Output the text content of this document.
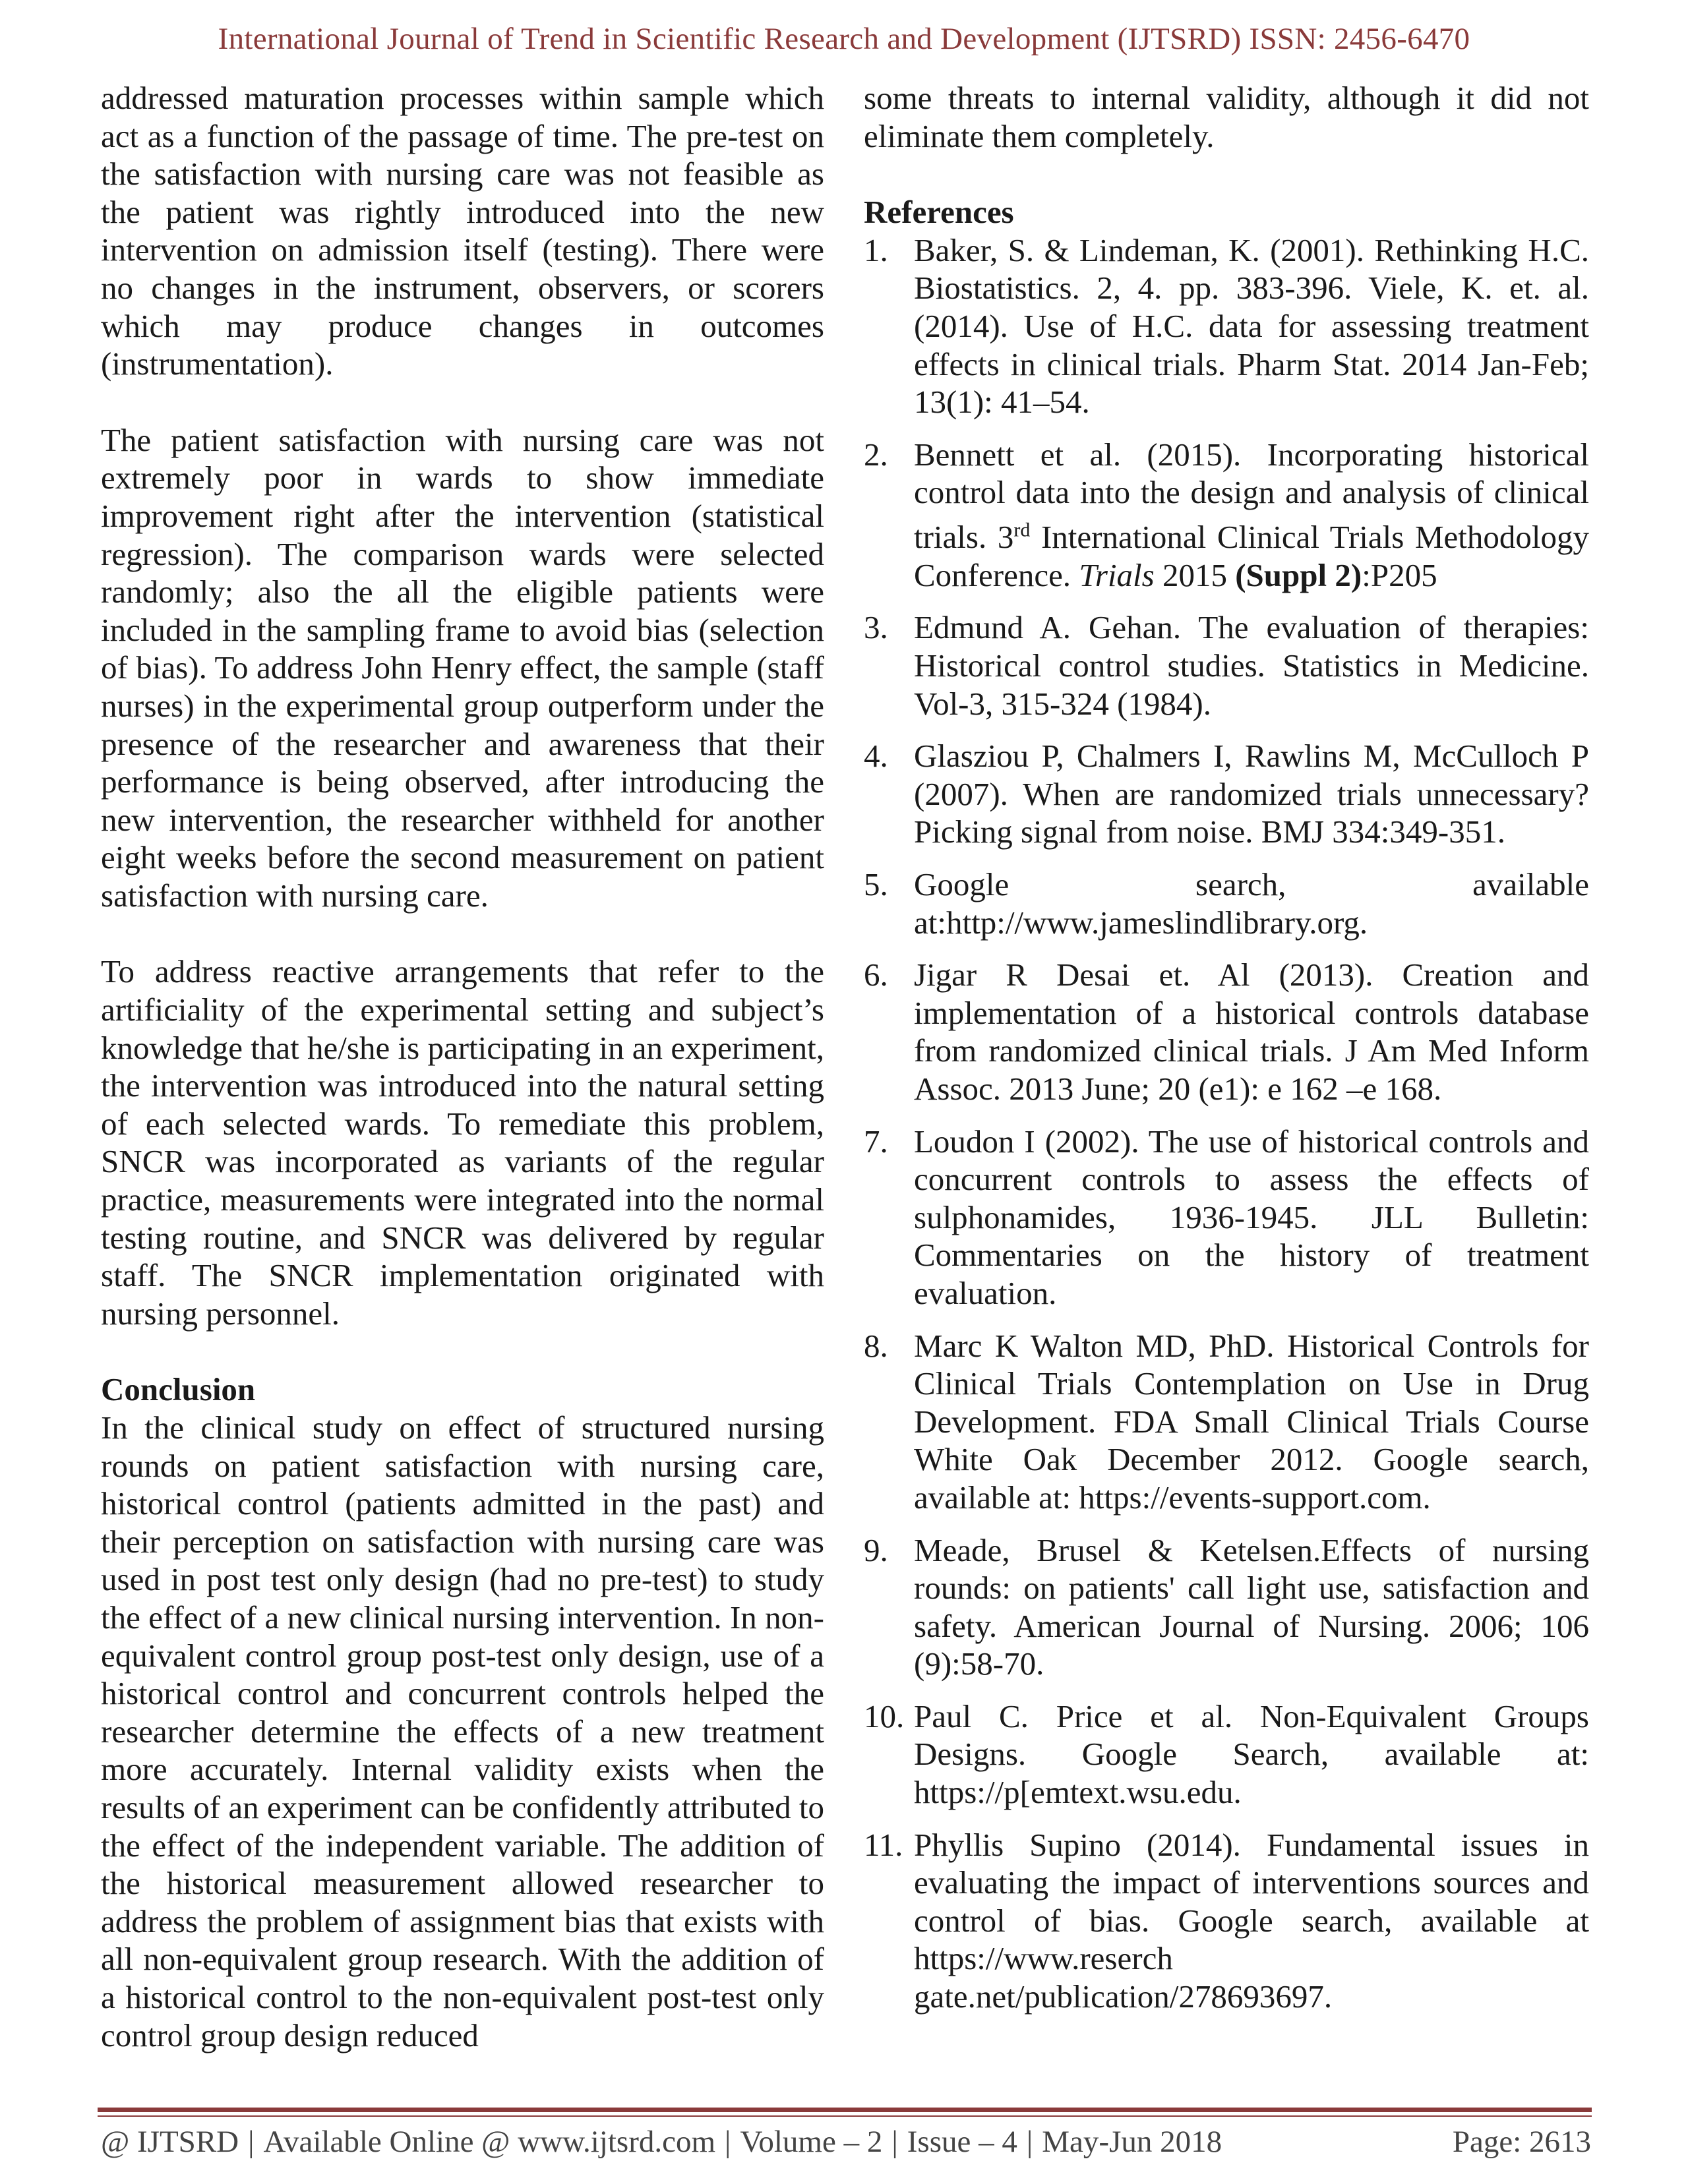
International Journal of Trend in Scientific Research and Development (IJTSRD) ISSN: 2456-6470

addressed maturation processes within sample which act as a function of the passage of time. The pre-test on the satisfaction with nursing care was not feasible as the patient was rightly introduced into the new intervention on admission itself (testing). There were no changes in the instrument, observers, or scorers which may produce changes in outcomes (instrumentation).

The patient satisfaction with nursing care was not extremely poor in wards to show immediate improvement right after the intervention (statistical regression). The comparison wards were selected randomly; also the all the eligible patients were included in the sampling frame to avoid bias (selection of bias). To address John Henry effect, the sample (staff nurses) in the experimental group outperform under the presence of the researcher and awareness that their performance is being observed, after introducing the new intervention, the researcher withheld for another eight weeks before the second measurement on patient satisfaction with nursing care.

To address reactive arrangements that refer to the artificiality of the experimental setting and subject’s knowledge that he/she is participating in an experiment, the intervention was introduced into the natural setting of each selected wards. To remediate this problem, SNCR was incorporated as variants of the regular practice, measurements were integrated into the normal testing routine, and SNCR was delivered by regular staff. The SNCR implementation originated with nursing personnel.

Conclusion

In the clinical study on effect of structured nursing rounds on patient satisfaction with nursing care, historical control (patients admitted in the past) and their perception on satisfaction with nursing care was used in post test only design (had no pre-test) to study the effect of a new clinical nursing intervention. In non-equivalent control group post-test only design, use of a historical control and concurrent controls helped the researcher determine the effects of a new treatment more accurately. Internal validity exists when the results of an experiment can be confidently attributed to the effect of the independent variable. The addition of the historical measurement allowed researcher to address the problem of assignment bias that exists with all non-equivalent group research. With the addition of a historical control to the non-equivalent post-test only control group design reduced

some threats to internal validity, although it did not eliminate them completely.

References

1. Baker, S. & Lindeman, K. (2001). Rethinking H.C. Biostatistics. 2, 4. pp. 383-396. Viele, K. et. al. (2014). Use of H.C. data for assessing treatment effects in clinical trials. Pharm Stat. 2014 Jan-Feb; 13(1): 41–54.
2. Bennett et al. (2015). Incorporating historical control data into the design and analysis of clinical trials. 3rd International Clinical Trials Methodology Conference. Trials 2015 (Suppl 2):P205
3. Edmund A. Gehan. The evaluation of therapies: Historical control studies. Statistics in Medicine. Vol-3, 315-324 (1984).
4. Glasziou P, Chalmers I, Rawlins M, McCulloch P (2007). When are randomized trials unnecessary? Picking signal from noise. BMJ 334:349-351.
5. Google search, available at:http://www.jameslindlibrary.org.
6. Jigar R Desai et. Al (2013). Creation and implementation of a historical controls database from randomized clinical trials. J Am Med Inform Assoc. 2013 June; 20 (e1): e 162 –e 168.
7. Loudon I (2002). The use of historical controls and concurrent controls to assess the effects of sulphonamides, 1936-1945. JLL Bulletin: Commentaries on the history of treatment evaluation.
8. Marc K Walton MD, PhD. Historical Controls for Clinical Trials Contemplation on Use in Drug Development. FDA Small Clinical Trials Course White Oak December 2012. Google search, available at: https://events-support.com.
9. Meade, Brusel & Ketelsen.Effects of nursing rounds: on patients' call light use, satisfaction and safety. American Journal of Nursing. 2006; 106 (9):58-70.
10. Paul C. Price et al. Non-Equivalent Groups Designs. Google Search, available at: https://p[emtext.wsu.edu.
11. Phyllis Supino (2014). Fundamental issues in evaluating the impact of interventions sources and control of bias. Google search, available at https://www.reserch gate.net/publication/278693697.
@ IJTSRD | Available Online @ www.ijtsrd.com | Volume – 2 | Issue – 4 | May-Jun 2018	Page: 2613
